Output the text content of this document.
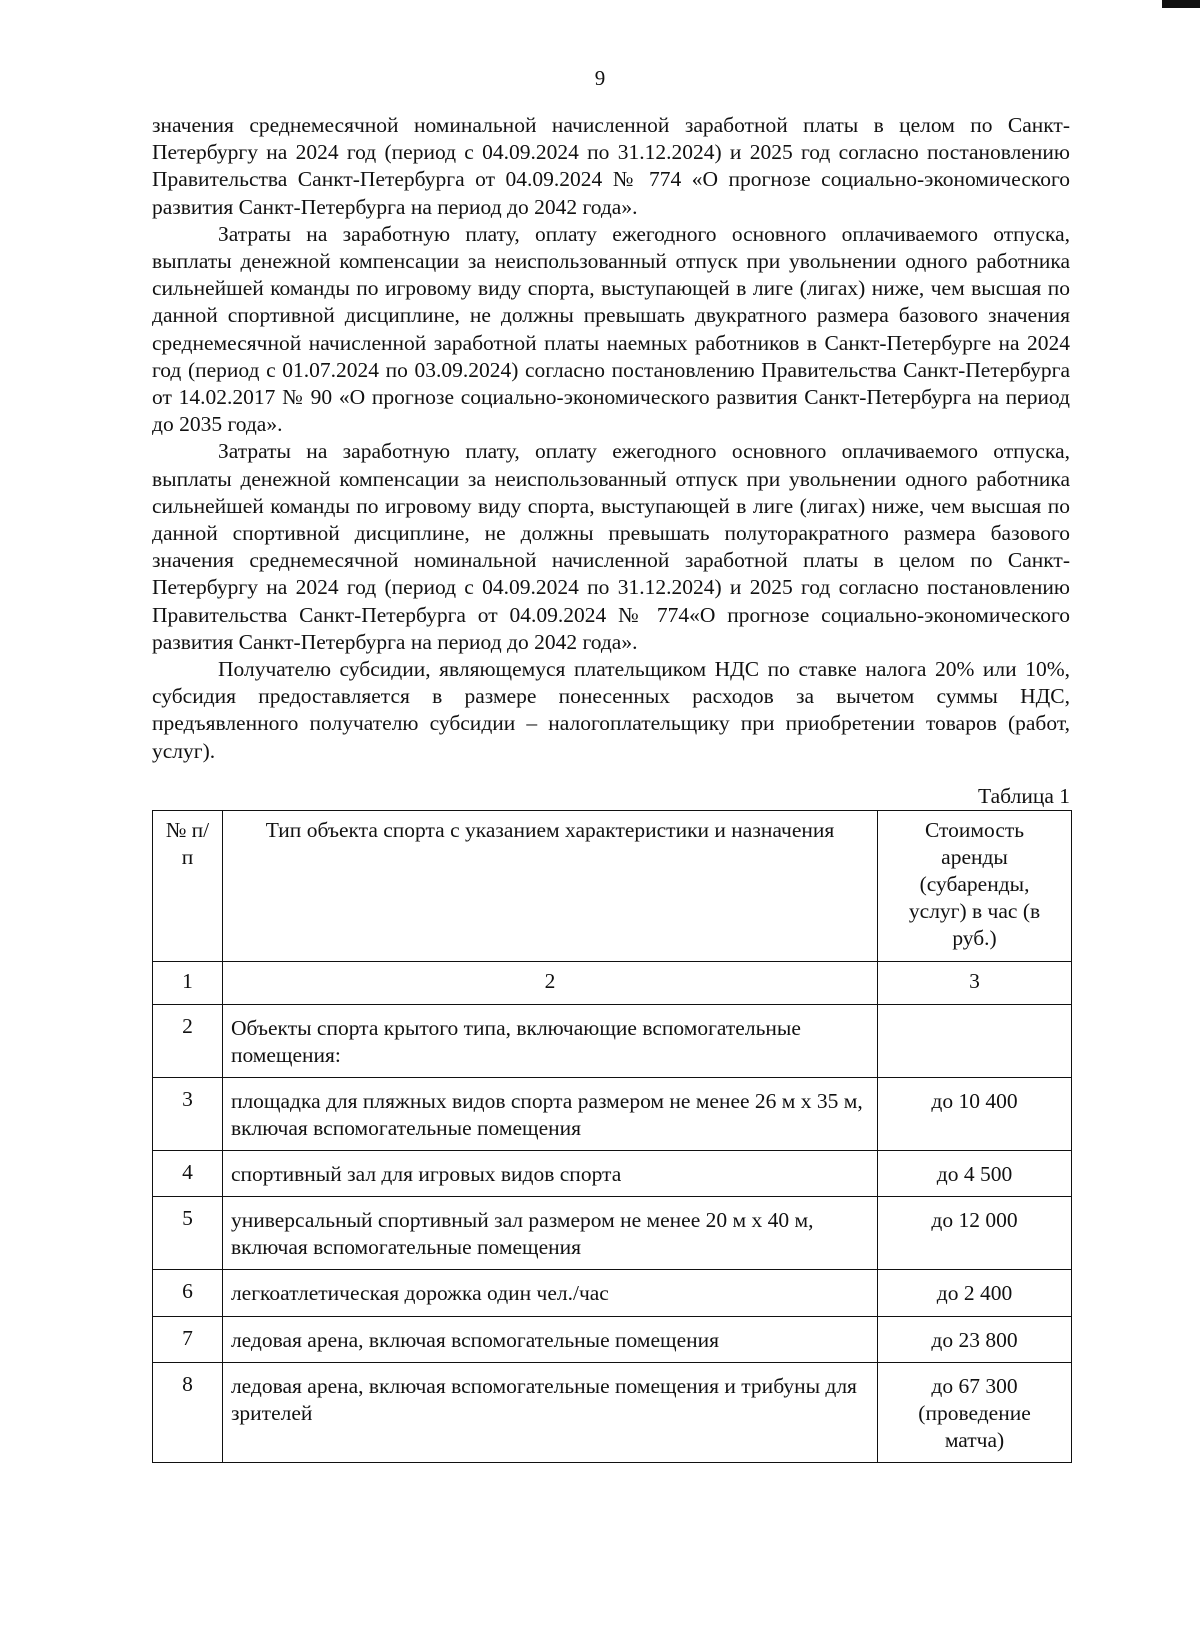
9

значения среднемесячной номинальной начисленной заработной платы в целом по Санкт-Петербургу на 2024 год (период с 04.09.2024 по 31.12.2024) и 2025 год согласно постановлению Правительства Санкт-Петербурга от 04.09.2024 № 774 «О прогнозе социально-экономического развития Санкт-Петербурга на период до 2042 года».

Затраты на заработную плату, оплату ежегодного основного оплачиваемого отпуска, выплаты денежной компенсации за неиспользованный отпуск при увольнении одного работника сильнейшей команды по игровому виду спорта, выступающей в лиге (лигах) ниже, чем высшая по данной спортивной дисциплине, не должны превышать двукратного размера базового значения среднемесячной начисленной заработной платы наемных работников в Санкт-Петербурге на 2024 год (период с 01.07.2024 по 03.09.2024) согласно постановлению Правительства Санкт-Петербурга от 14.02.2017 № 90 «О прогнозе социально-экономического развития Санкт-Петербурга на период до 2035 года».

Затраты на заработную плату, оплату ежегодного основного оплачиваемого отпуска, выплаты денежной компенсации за неиспользованный отпуск при увольнении одного работника сильнейшей команды по игровому виду спорта, выступающей в лиге (лигах) ниже, чем высшая по данной спортивной дисциплине, не должны превышать полуторакратного размера базового значения среднемесячной номинальной начисленной заработной платы в целом по Санкт-Петербургу на 2024 год (период с 04.09.2024 по 31.12.2024) и 2025 год согласно постановлению Правительства Санкт-Петербурга от 04.09.2024 № 774«О прогнозе социально-экономического развития Санкт-Петербурга на период до 2042 года».

Получателю субсидии, являющемуся плательщиком НДС по ставке налога 20% или 10%, субсидия предоставляется в размере понесенных расходов за вычетом суммы НДС, предъявленного получателю субсидии – налогоплательщику при приобретении товаров (работ, услуг).

Таблица 1
№ п/п	Тип объекта спорта с указанием характеристики и назначения	Стоимость аренды (субаренды, услуг) в час (в руб.)
1	2	3
2	Объекты спорта крытого типа, включающие вспомогательные помещения:	
3	площадка для пляжных видов спорта размером не менее 26 м х 35 м, включая вспомогательные помещения	до 10 400
4	спортивный зал для игровых видов спорта	до 4 500
5	универсальный спортивный зал размером не менее 20 м х 40 м, включая вспомогательные помещения	до 12 000
6	легкоатлетическая дорожка один чел./час	до 2 400
7	ледовая арена, включая вспомогательные помещения	до 23 800
8	ледовая арена, включая вспомогательные помещения и трибуны для зрителей	до 67 300 (проведение матча)
